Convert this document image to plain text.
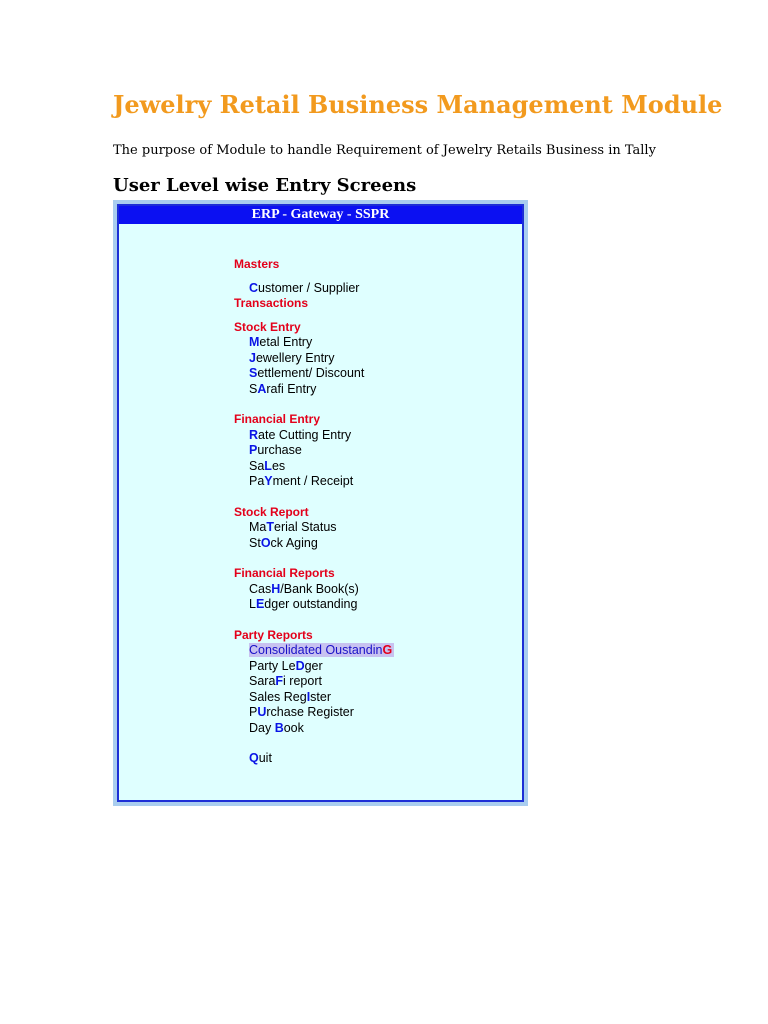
Jewelry Retail Business Management Module

The purpose of Module to handle Requirement of Jewelry Retails Business in Tally

User Level wise Entry Screens
ERP - Gateway - SSPR
Masters
Customer / Supplier
Transactions
Stock Entry
Metal Entry
Jewellery Entry
Settlement/ Discount
SArafi Entry
Financial Entry
Rate Cutting Entry
Purchase
SaLes
PaYment / Receipt
Stock Report
MaTerial Status
StOck Aging
Financial Reports
CasH/Bank Book(s)
LEdger outstanding
Party Reports
Consolidated OustandinG
Party LeDger
SaraFi report
Sales RegIster
PUrchase Register
Day Book
Quit
